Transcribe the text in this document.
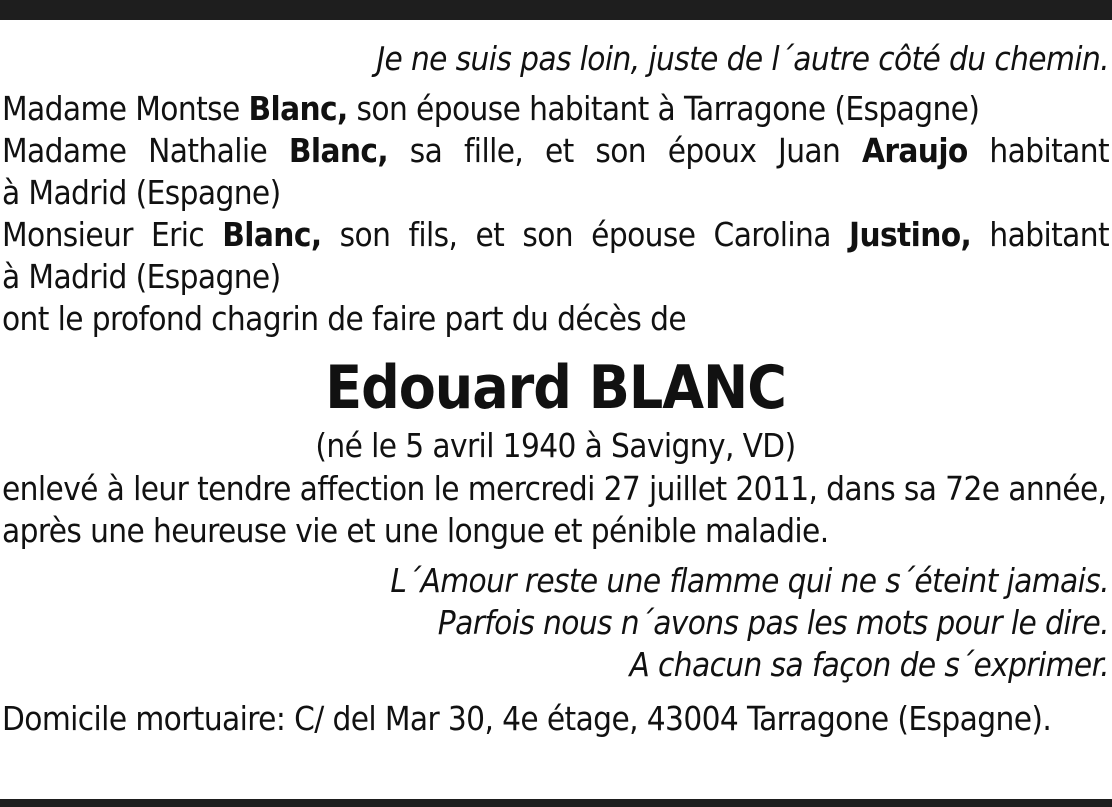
Je ne suis pas loin, juste de l´autre côté du chemin.
Madame Montse Blanc, son épouse habitant à Tarragone (Espagne)
Madame Nathalie Blanc, sa fille, et son époux Juan Araujo habitant
à Madrid (Espagne)
Monsieur Eric Blanc, son fils, et son épouse Carolina Justino, habitant
à Madrid (Espagne)
ont le profond chagrin de faire part du décès de
Edouard BLANC
(né le 5 avril 1940 à Savigny, VD)
enlevé à leur tendre affection le mercredi 27 juillet 2011, dans sa 72e année,
après une heureuse vie et une longue et pénible maladie.
L´Amour reste une flamme qui ne s´éteint jamais.
Parfois nous n´avons pas les mots pour le dire.
A chacun sa façon de s´exprimer.
Domicile mortuaire: C/ del Mar 30, 4e étage, 43004 Tarragone (Espagne).
